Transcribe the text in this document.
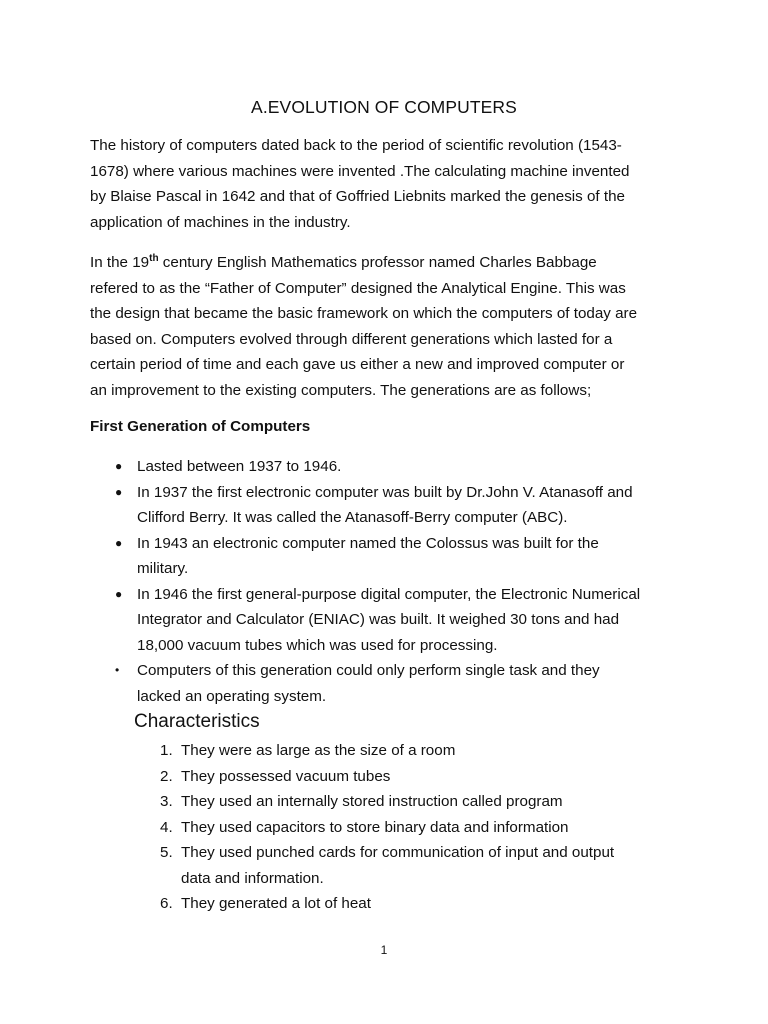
A.EVOLUTION OF COMPUTERS
The history of computers dated back to the period of scientific revolution (1543-
1678) where various machines were invented .The calculating machine invented
by Blaise Pascal in 1642 and that of Goffried Liebnits marked the genesis of the
application of machines in the industry.
In the 19th century English Mathematics professor named Charles Babbage
refered to as the “Father of Computer” designed the Analytical Engine. This was
the design that became the basic framework on which the computers of today are
based on. Computers evolved through different generations which lasted for a
certain period of time and each gave us either a new and improved computer or
an improvement to the existing computers. The generations are as follows;
First Generation of Computers
● Lasted between 1937 to 1946.
● In 1937 the first electronic computer was built by Dr.John V. Atanasoff and
Clifford Berry. It was called the Atanasoff-Berry computer (ABC).
● In 1943 an electronic computer named the Colossus was built for the
military.
● In 1946 the first general-purpose digital computer, the Electronic Numerical
Integrator and Calculator (ENIAC) was built. It weighed 30 tons and had
18,000 vacuum tubes which was used for processing.
•	Computers of this generation could only perform single task and they
lacked an operating system.
Characteristics
1. They were as large as the size of a room
2. They possessed vacuum tubes
3. They used an internally stored instruction called program
4. They used capacitors to store binary data and information
5. They used punched cards for communication of input and output
data and information.
6. They generated a lot of heat
1
